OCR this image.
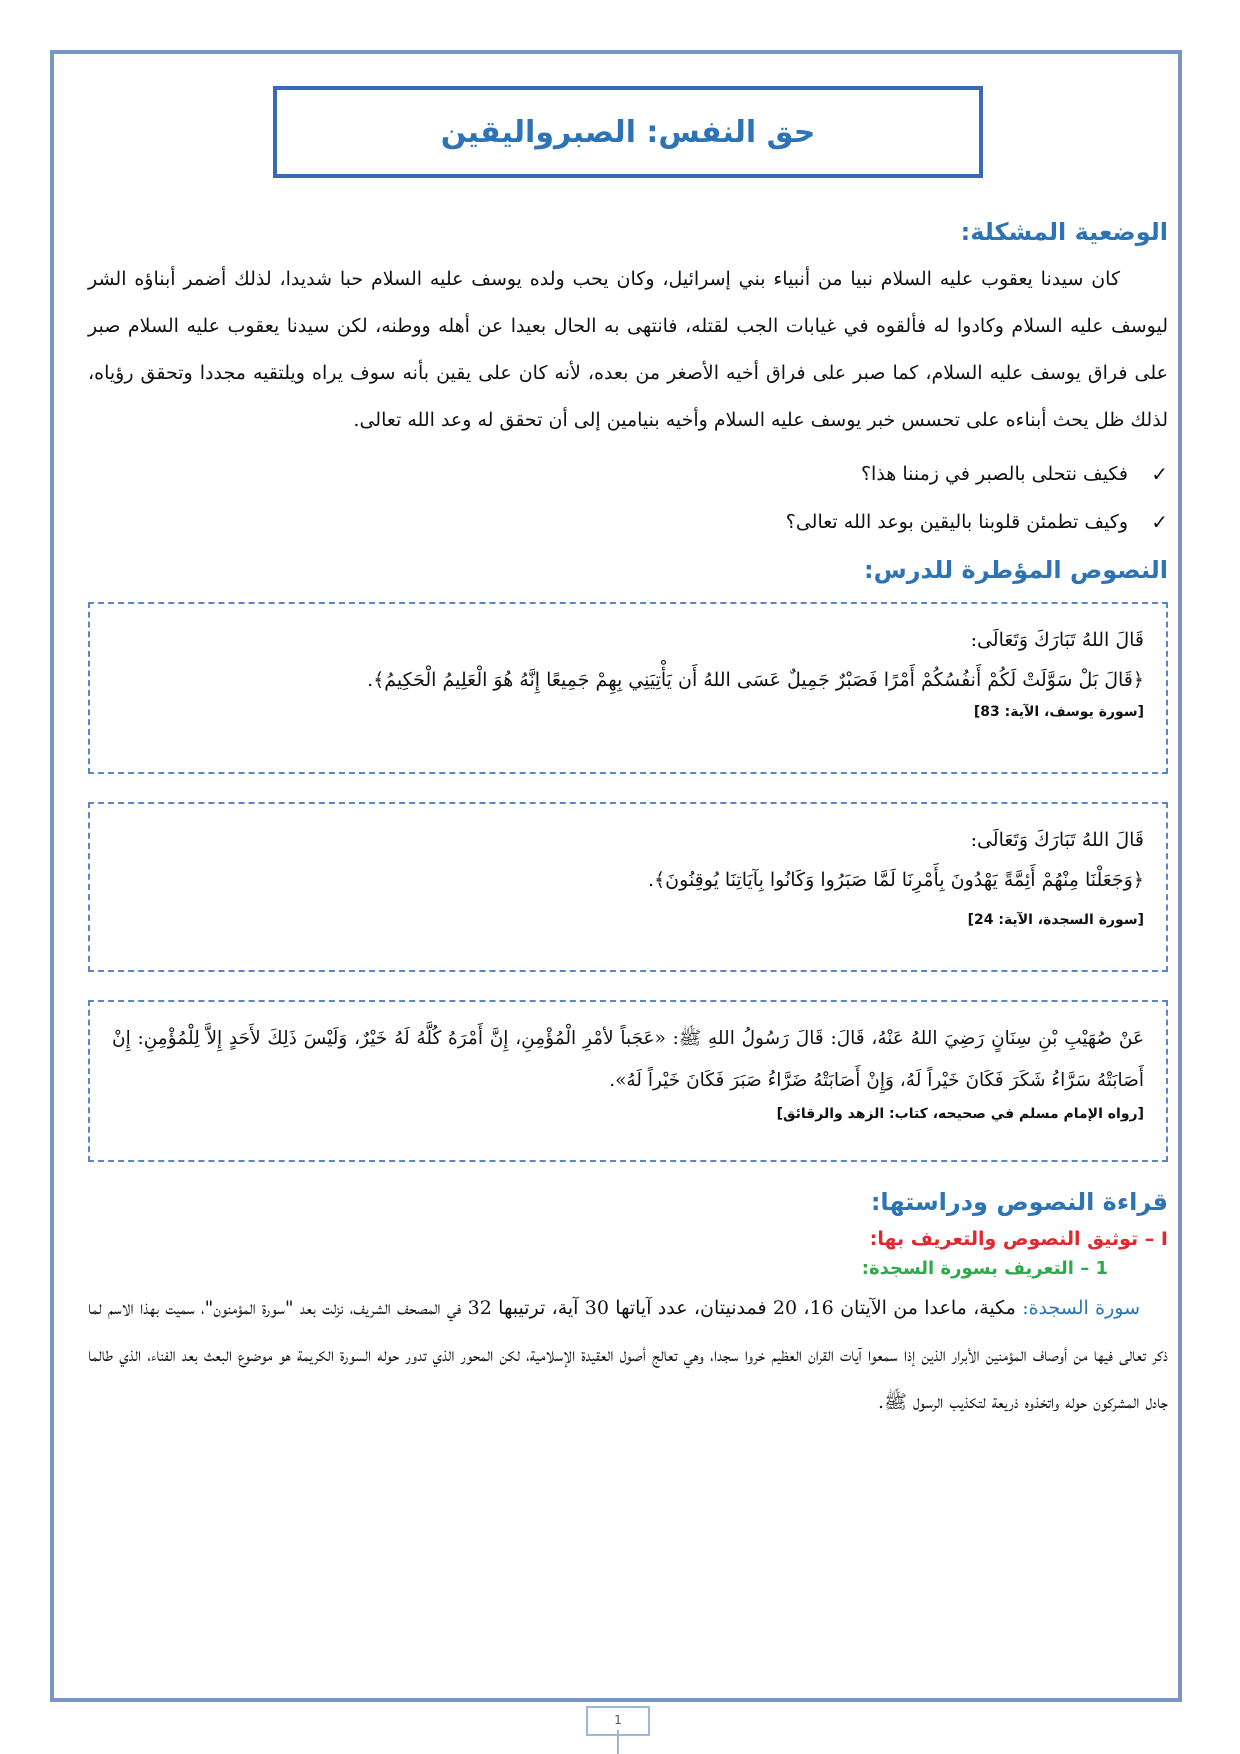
حق النفس: الصبرواليقين
الوضعية المشكلة:

كان سيدنا يعقوب عليه السلام نبيا من أنبياء بني إسرائيل، وكان يحب ولده يوسف عليه السلام حبا شديدا، لذلك أضمر أبناؤه الشر ليوسف عليه السلام وكادوا له فألقوه في غيابات الجب لقتله، فانتهى به الحال بعيدا عن أهله ووطنه، لكن سيدنا يعقوب عليه السلام صبر على فراق يوسف عليه السلام، كما صبر على فراق أخيه الأصغر من بعده، لأنه كان على يقين بأنه سوف يراه ويلتقيه مجددا وتحقق رؤياه، لذلك ظل يحث أبناءه على تحسس خبر يوسف عليه السلام وأخيه بنيامين إلى أن تحقق له وعد الله تعالى.

✓
فكيف نتحلى بالصبر في زمننا هذا؟
✓
وكيف تطمئن قلوبنا باليقين بوعد الله تعالى؟
النصوص المؤطرة للدرس:
قَالَ اللهُ تَبَارَكَ وَتَعَالَى:
﴿قَالَ بَلْ سَوَّلَتْ لَكُمْ أَنفُسُكُمْ أَمْرًا فَصَبْرٌ جَمِيلٌ عَسَى اللهُ أَن يَأْتِيَنِي بِهِمْ جَمِيعًا إِنَّهُ هُوَ الْعَلِيمُ الْحَكِيمُ﴾.
[سورة يوسف، الآية: 83]
قَالَ اللهُ تَبَارَكَ وَتَعَالَى:
﴿وَجَعَلْنَا مِنْهُمْ أَئِمَّةً يَهْدُونَ بِأَمْرِنَا لَمَّا صَبَرُوا وَكَانُوا بِآيَاتِنَا يُوقِنُونَ﴾.
[سورة السجدة، الآية: 24]
عَنْ صُهَيْبِ بْنِ سِنَانٍ رَضِيَ اللهُ عَنْهُ، قَالَ: قَالَ رَسُولُ اللهِ ﷺ: «عَجَباً لأمْرِ الْمُؤْمِنِ، إِنَّ أَمْرَهُ كُلَّهُ لَهُ خَيْرٌ، وَلَيْسَ ذَلِكَ لأَحَدٍ إِلاَّ لِلْمُؤْمِنِ: إِنْ أَصَابَتْهُ سَرَّاءُ شَكَرَ فَكَانَ خَيْراً لَهُ، وَإِنْ أَصَابَتْهُ ضَرَّاءُ صَبَرَ فَكَانَ خَيْراً لَهُ».
[رواه الإمام مسلم في صحيحه، كتاب: الزهد والرقائق]
قراءة النصوص ودراستها:
I – توثيق النصوص والتعريف بها:
1 – التعريف بسورة السجدة:

سورة السجدة: مكية، ماعدا من الآيتان 16، 20 فمدنيتان، عدد آياتها 30 آية، ترتيبها 32 في المصحف الشريف، نزلت بعد "سورة المؤمنون"، سميت بهذا الاسم لما ذكر تعالى فيها من أوصاف المؤمنين الأبرار الذين إذا سمعوا آيات القران العظيم خروا سجدا، وهي تعالج أصول العقيدة الإسلامية، لكن المحور الذي تدور حوله السورة الكريمة هو موضوع البعث بعد الفناء، الذي طالما جادل المشركون حوله واتخذوه ذريعة لتكذيب الرسول ﷺ.

1
